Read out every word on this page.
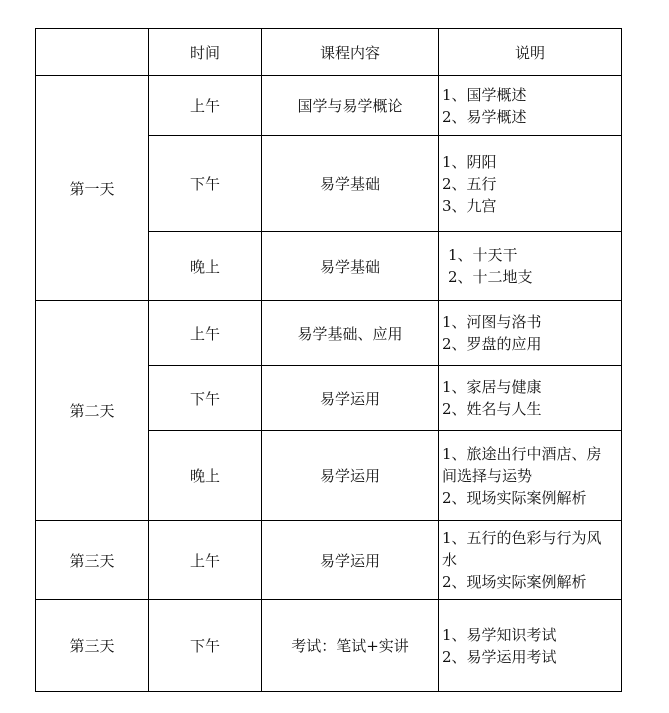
	时间	课程内容	说明
第一天	上午	国学与易学概论	1、国学概述
2、易学概述

	下午	易学基础	1、阴阳
2、五行
3、九宫

	晚上	易学基础	1、十天干
2、十二地支

第二天	上午	易学基础、应用	1、河图与洛书
2、罗盘的应用

	下午	易学运用	1、家居与健康
2、姓名与人生

	晚上	易学运用	1、旅途出行中酒店、房
间选择与运势
2、现场实际案例解析

第三天	上午	易学运用	1、五行的色彩与行为风
水
2、现场实际案例解析

第三天	下午	考试：笔试+实讲	1、易学知识考试
2、易学运用考试
